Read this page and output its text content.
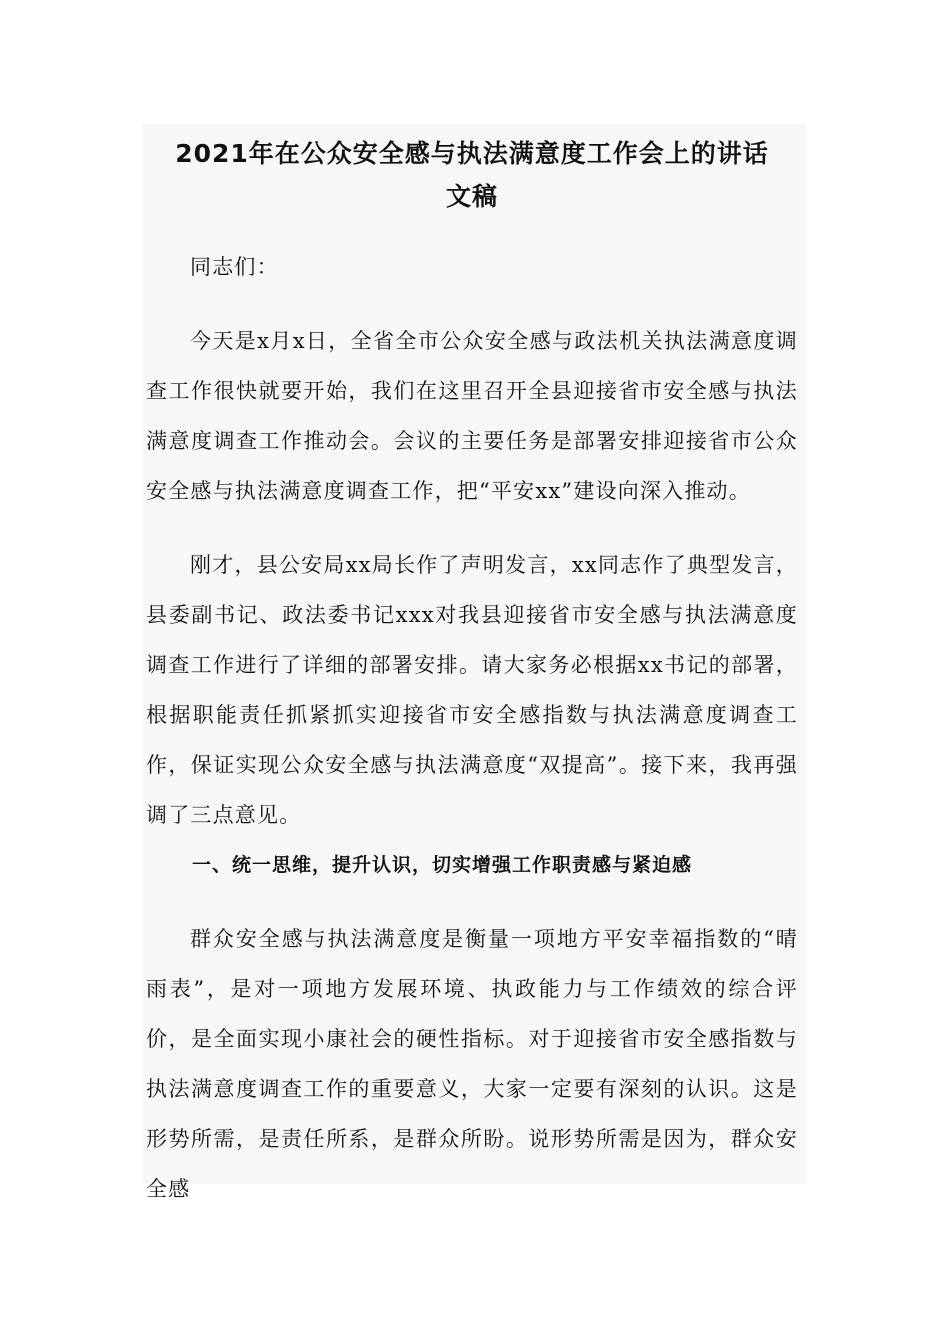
2021年在公众安全感与执法满意度工作会上的讲话
文稿

同志们：

今天是x月x日，全省全市公众安全感与政法机关执法满意度调查工作很快就要开始，我们在这里召开全县迎接省市安全感与执法满意度调查工作推动会。会议的主要任务是部署安排迎接省市公众安全感与执法满意度调查工作，把“平安xx”建设向深入推动。

刚才，县公安局xx局长作了声明发言，xx同志作了典型发言，县委副书记、政法委书记xxx对我县迎接省市安全感与执法满意度调查工作进行了详细的部署安排。请大家务必根据xx书记的部署，根据职能责任抓紧抓实迎接省市安全感指数与执法满意度调查工作，保证实现公众安全感与执法满意度“双提高”。接下来，我再强调了三点意见。

一、统一思维，提升认识，切实增强工作职责感与紧迫感

群众安全感与执法满意度是衡量一项地方平安幸福指数的“晴雨表”，是对一项地方发展环境、执政能力与工作绩效的综合评价，是全面实现小康社会的硬性指标。对于迎接省市安全感指数与执法满意度调查工作的重要意义，大家一定要有深刻的认识。这是形势所需，是责任所系，是群众所盼。说形势所需是因为，群众安全感
